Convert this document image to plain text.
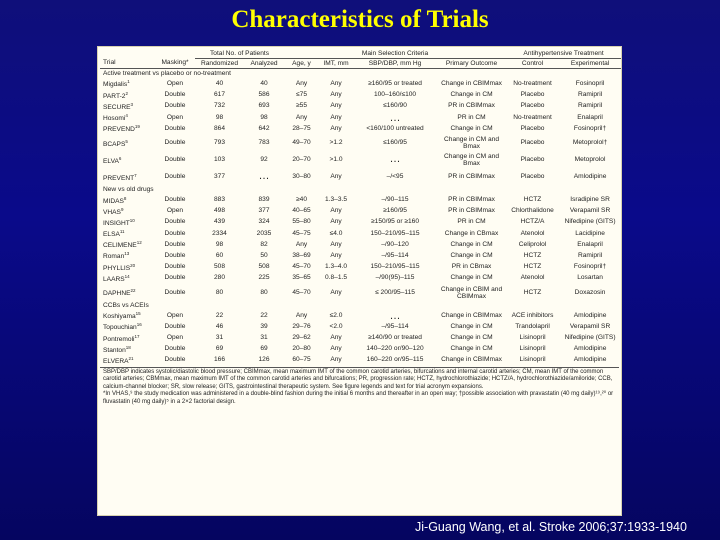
Characteristics of Trials
		Total No. of Patients		Main Selection Criteria				Antihypertensive Treatment	
Trial	Masking*	Randomized	Analyzed	Age, y	IMT, mm	SBP/DBP, mm Hg	Primary Outcome	Control	Experimental
Active treatment vs placebo or no-treatment									
Migdalis$^1$	Open	40	40	Any	Any	≥160/95 or treated	Change in CBIMmax	No-treatment	Fosinopril
PART-$2^2$	Double	617	586	≤75	Any	100–160/≤100	Change in CM	Placebo	Ramipril
SECURE$^3$	Double	732	693	≥55	Any	≤160/90	PR in CBIMmax	Placebo	Ramipril
Hosomi$^4$	Open	98	98	Any	Any	…	PR in CM	No-treatment	Enalapril
PREVEND$^{19}$	Double	864	642	28–75	Any	<160/100 untreated	Change in CM	Placebo	Fosinopril†
BCAPS$^5$	Double	793	783	49–70	>1.2	≤160/95	Change in CM and Bmax	Placebo	Metoprolol†
ELVA$^6$	Double	103	92	20–70	>1.0	…	Change in CM and Bmax	Placebo	Metoprolol
PREVENT$^7$	Double	377	…	30–80	Any	–/<95	PR in CBIMmax	Placebo	Amlodipine
New vs old drugs									
MIDAS$^8$	Double	883	839	≥40	1.3–3.5	–/90–115	PR in CBIMmax	HCTZ	Isradipine SR
VHAS$^9$	Open	498	377	40–65	Any	≥160/95	PR in CBIMmax	Chlorthalidone	Verapamil SR
INSIGHT$^{10}$	Double	439	324	55–80	Any	≥150/95 or ≥160	PR in CM	HCTZ/A	Nifedipine (GITS)
ELSA$^{11}$	Double	2334	2035	45–75	≤4.0	150–210/95–115	Change in CBmax	Atenolol	Lacidipine
CELIMENE$^{12}$	Double	98	82	Any	Any	–/90–120	Change in CM	Celiprolol	Enalapril
Roman$^{13}$	Double	60	50	38–69	Any	–/95–114	Change in CM	HCTZ	Ramipril
PHYLLIS$^{20}$	Double	508	508	45–70	1.3–4.0	150–210/95–115	PR in CBmax	HCTZ	Fosinopril†
LAARS$^{14}$	Double	280	225	35–65	0.8–1.5	–/90(95)–115	Change in CM	Atenolol	Losartan
DAPHNE$^{22}$	Double	80	80	45–70	Any	≤ 200/95–115	Change in CBIM and CBIMmax	HCTZ	Doxazosin
CCBs vs ACEIs									
Koshiyama$^{15}$	Open	22	22	Any	≤2.0	…	Change in CBIMmax	ACE inhibitors	Amlodipine
Topouchian$^{16}$	Double	46	39	29–76	<2.0	–/95–114	Change in CM	Trandolapril	Verapamil SR
Pontremoli$^{17}$	Open	31	31	29–62	Any	≥140/90 or treated	Change in CM	Lisinopril	Nifedipine (GITS)
Stanton$^{18}$	Double	69	69	20–80	Any	140–220 or/90–120	Change in CM	Lisinopril	Amlodipine
ELVERA$^{21}$	Double	166	126	60–75	Any	160–220 or/95–115	Change in CBIMmax	Lisinopril	Amlodipine

SBP/DBP indicates systolic/diastolic blood pressure; CBIMmax, mean maximum IMT of the common carotid arteries, bifurcations and internal carotid arteries; CM, mean IMT of the common carotid arteries; CBMmax, mean maximum IMT of the common carotid arteries and bifurcations; PR, progression rate; HCTZ, hydrochlorothiazide; HCTZ/A, hydrochlorothiazide/amiloride; CCB, calcium-channel blocker; SR, slow release; GITS, gastrointestinal therapeutic system. See figure legends and text for trial acronym expansions.

*In VHAS,⁹ the study medication was administered in a double-blind fashion during the initial 6 months and thereafter in an open way; †possible association with pravastatin (40 mg daily)¹⁹,²⁰ or fluvastatin (40 mg daily)⁵ in a 2×2 factorial design.

Ji-Guang Wang, et al. Stroke 2006;37:1933-1940
